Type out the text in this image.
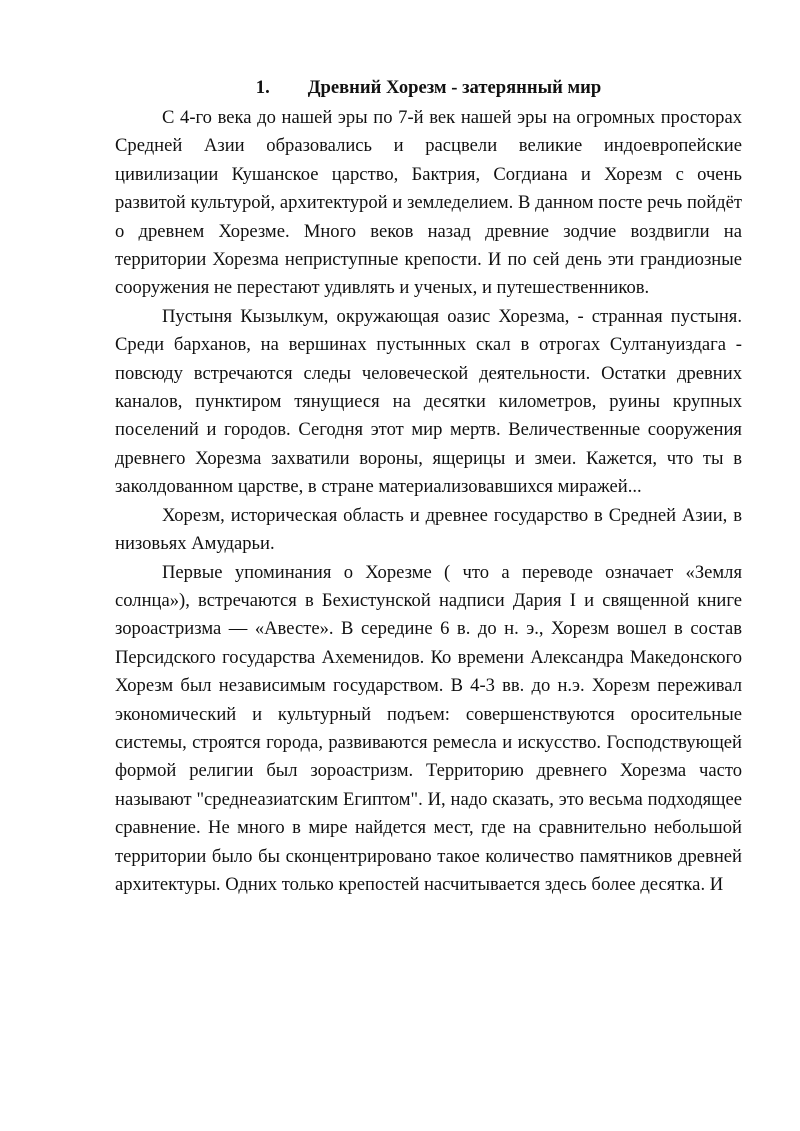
1. Древний Хорезм - затерянный мир

С 4-го века до нашей эры по 7-й век нашей эры на огромных просторах Средней Азии образовались и расцвели великие индоевропейские цивилизации Кушанское царство, Бактрия, Согдиана и Хорезм с очень развитой культурой, архитектурой и земледелием. В данном посте речь пойдёт о древнем Хорезме. Много веков назад древние зодчие воздвигли на территории Хорезма неприступные крепости. И по сей день эти грандиозные сооружения не перестают удивлять и ученых, и путешественников.

Пустыня Кызылкум, окружающая оазис Хорезма, - странная пустыня. Среди барханов, на вершинах пустынных скал в отрогах Султануиздага - повсюду встречаются следы человеческой деятельности. Остатки древних каналов, пунктиром тянущиеся на десятки километров, руины крупных поселений и городов. Сегодня этот мир мертв. Величественные сооружения древнего Хорезма захватили вороны, ящерицы и змеи. Кажется, что ты в заколдованном царстве, в стране материализовавшихся миражей...

Хорезм, историческая область и древнее государство в Средней Азии, в низовьях Амударьи.

Первые упоминания о Хорезме ( что а переводе означает «Земля солнца»), встречаются в Бехистунской надписи Дария I и священной книге зороастризма — «Авесте». В середине 6 в. до н. э., Хорезм вошел в состав Персидского государства Ахеменидов. Ко времени Александра Македонского Хорезм был независимым государством. В 4-3 вв. до н.э. Хорезм переживал экономический и культурный подъем: совершенствуются оросительные системы, строятся города, развиваются ремесла и искусство. Господствующей формой религии был зороастризм. Территорию древнего Хорезма часто называют "среднеазиатским Египтом". И, надо сказать, это весьма подходящее сравнение. Не много в мире найдется мест, где на сравнительно небольшой территории было бы сконцентрировано такое количество памятников древней архитектуры. Одних только крепостей насчитывается здесь более десятка. И
